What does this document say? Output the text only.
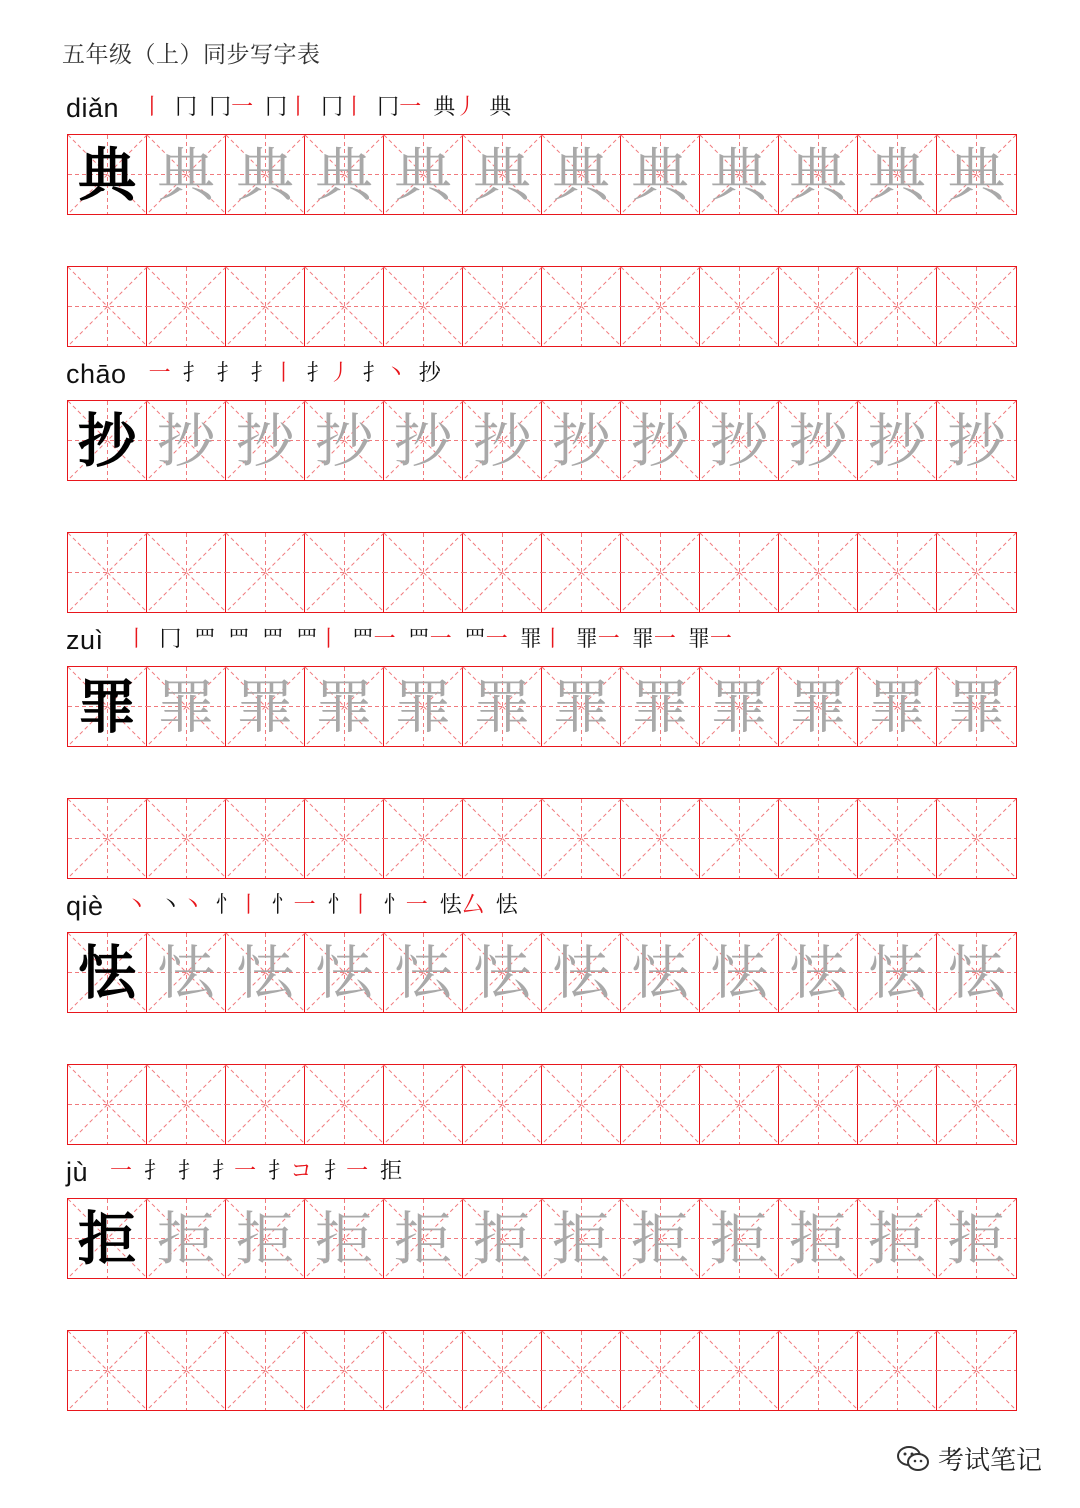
五年级（上）同步写字表
diǎn 丨 冂 冂一 冂丨 冂丨 冂一 典丿 典
典 典 典 典 典 典 典 典 典 典 典 典
chāo 一 扌 扌 扌丨 扌丿 扌丶 抄
抄 抄 抄 抄 抄 抄 抄 抄 抄 抄 抄 抄
zuì 丨 冂 罒 罒 罒 罒丨 罒一 罒一 罒一 罪丨 罪一 罪一 罪一
罪 罪 罪 罪 罪 罪 罪 罪 罪 罪 罪 罪
qiè 丶 丶丶 忄丨 忄一 忄丨 忄一 怯厶 怯
怯 怯 怯 怯 怯 怯 怯 怯 怯 怯 怯 怯
jù 一 扌 扌 扌一 扌コ 扌一 拒
拒 拒 拒 拒 拒 拒 拒 拒 拒 拒 拒 拒
考试笔记
